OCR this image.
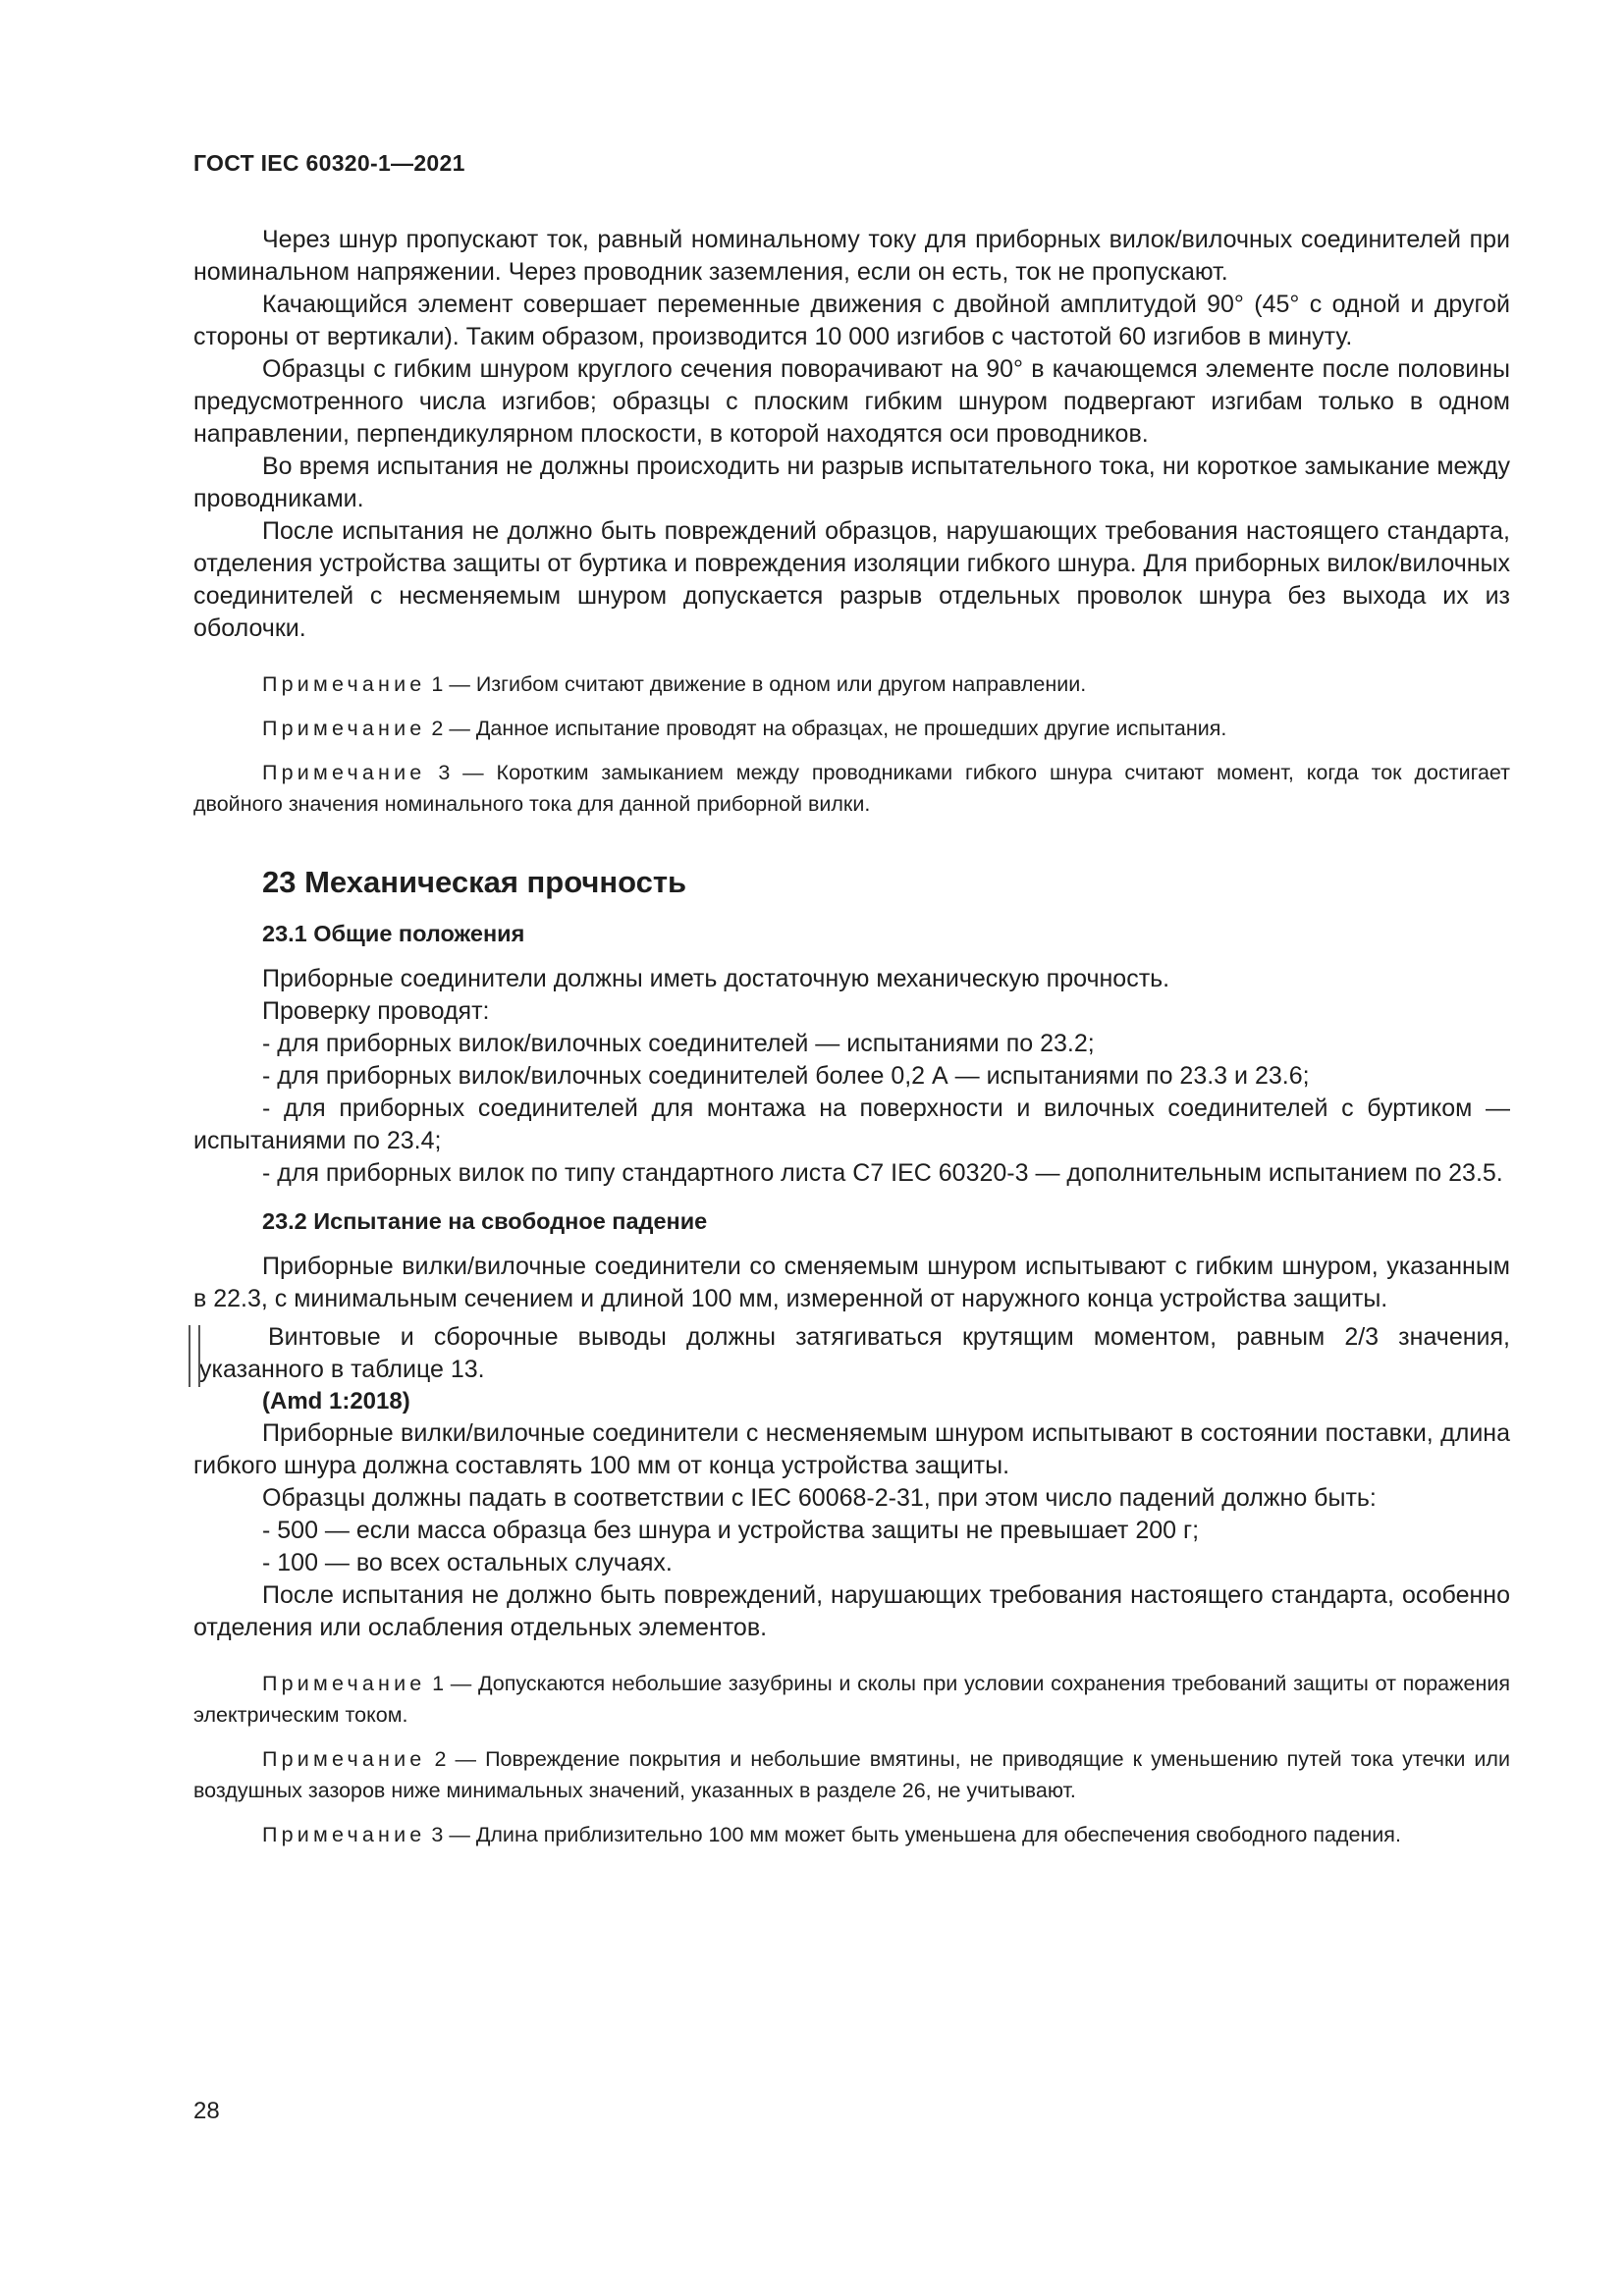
ГОСТ IEC 60320-1—2021

Через шнур пропускают ток, равный номинальному току для приборных вилок/вилочных соединителей при номинальном напряжении. Через проводник заземления, если он есть, ток не пропускают.

Качающийся элемент совершает переменные движения с двойной амплитудой 90° (45° с одной и другой стороны от вертикали). Таким образом, производится 10 000 изгибов с частотой 60 изгибов в минуту.

Образцы с гибким шнуром круглого сечения поворачивают на 90° в качающемся элементе после половины предусмотренного числа изгибов; образцы с плоским гибким шнуром подвергают изгибам только в одном направлении, перпендикулярном плоскости, в которой находятся оси проводников.

Во время испытания не должны происходить ни разрыв испытательного тока, ни короткое замыкание между проводниками.

После испытания не должно быть повреждений образцов, нарушающих требования настоящего стандарта, отделения устройства защиты от буртика и повреждения изоляции гибкого шнура. Для приборных вилок/вилочных соединителей с несменяемым шнуром допускается разрыв отдельных проволок шнура без выхода их из оболочки.

Примечание 1 — Изгибом считают движение в одном или другом направлении.

Примечание 2 — Данное испытание проводят на образцах, не прошедших другие испытания.

Примечание 3 — Коротким замыканием между проводниками гибкого шнура считают момент, когда ток достигает двойного значения номинального тока для данной приборной вилки.

23 Механическая прочность
23.1 Общие положения

Приборные соединители должны иметь достаточную механическую прочность.

Проверку проводят:

- для приборных вилок/вилочных соединителей — испытаниями по 23.2;

- для приборных вилок/вилочных соединителей более 0,2 А — испытаниями по 23.3 и 23.6;

- для приборных соединителей для монтажа на поверхности и вилочных соединителей с буртиком — испытаниями по 23.4;

- для приборных вилок по типу стандартного листа С7 IEC 60320-3 — дополнительным испытанием по 23.5.

23.2 Испытание на свободное падение

Приборные вилки/вилочные соединители со сменяемым шнуром испытывают с гибким шнуром, указанным в 22.3, с минимальным сечением и длиной 100 мм, измеренной от наружного конца устройства защиты.

Винтовые и сборочные выводы должны затягиваться крутящим моментом, равным 2/3 значения, указанного в таблице 13.

(Amd 1:2018)

Приборные вилки/вилочные соединители с несменяемым шнуром испытывают в состоянии поставки, длина гибкого шнура должна составлять 100 мм от конца устройства защиты.

Образцы должны падать в соответствии с IEC 60068-2-31, при этом число падений должно быть:

- 500 — если масса образца без шнура и устройства защиты не превышает 200 г;

- 100 — во всех остальных случаях.

После испытания не должно быть повреждений, нарушающих требования настоящего стандарта, особенно отделения или ослабления отдельных элементов.

Примечание 1 — Допускаются небольшие зазубрины и сколы при условии сохранения требований защиты от поражения электрическим током.

Примечание 2 — Повреждение покрытия и небольшие вмятины, не приводящие к уменьшению путей тока утечки или воздушных зазоров ниже минимальных значений, указанных в разделе 26, не учитывают.

Примечание 3 — Длина приблизительно 100 мм может быть уменьшена для обеспечения свободного падения.

28
